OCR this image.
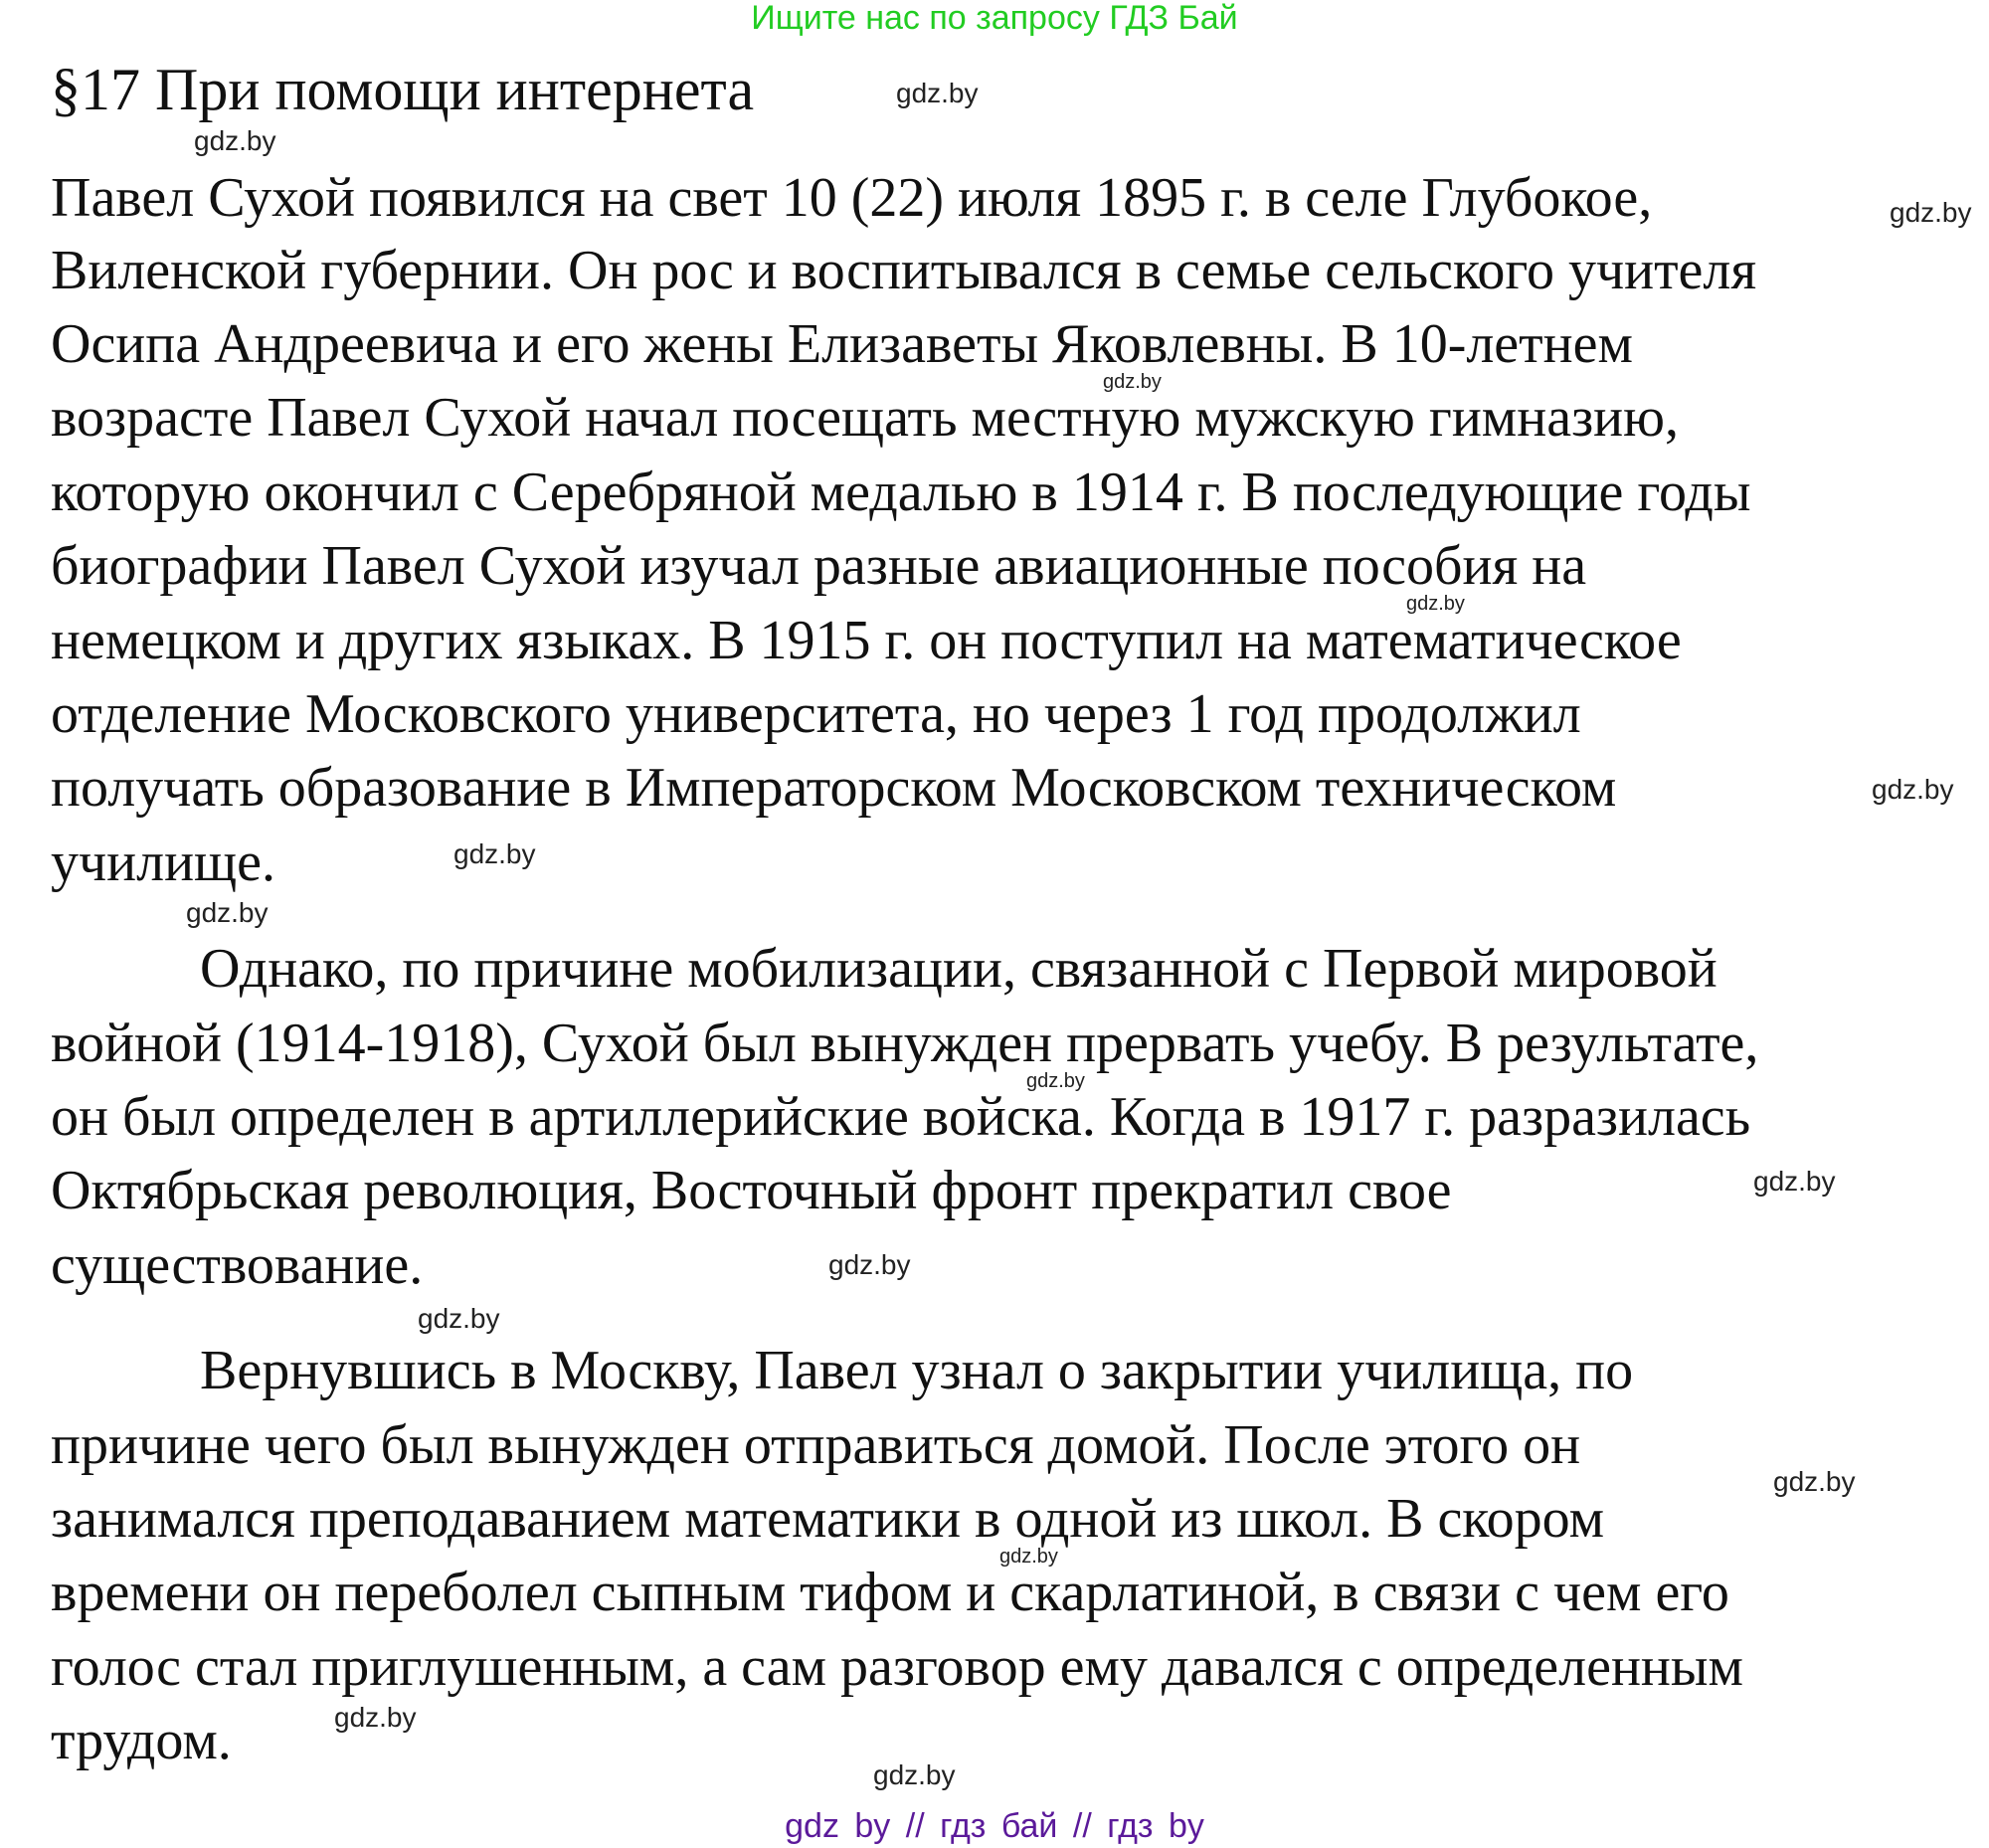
Ищите нас по запросу ГДЗ Бай
§17 При помощи интернета
Павел Сухой появился на свет 10 (22) июля 1895 г. в селе Глубокое,
Виленской губернии. Он рос и воспитывался в семье сельского учителя
Осипа Андреевича и его жены Елизаветы Яковлевны. В 10-летнем
возрасте Павел Сухой начал посещать местную мужскую гимназию,
которую окончил с Серебряной медалью в 1914 г. В последующие годы
биографии Павел Сухой изучал разные авиационные пособия на
немецком и других языках. В 1915 г. он поступил на математическое
отделение Московского университета, но через 1 год продолжил
получать образование в Императорском Московском техническом
училище.
Однако, по причине мобилизации, связанной с Первой мировой
войной (1914-1918), Сухой был вынужден прервать учебу. В результате,
он был определен в артиллерийские войска. Когда в 1917 г. разразилась
Октябрьская революция, Восточный фронт прекратил свое
существование.
Вернувшись в Москву, Павел узнал о закрытии училища, по
причине чего был вынужден отправиться домой. После этого он
занимался преподаванием математики в одной из школ. В скором
времени он переболел сыпным тифом и скарлатиной, в связи с чем его
голос стал приглушенным, а сам разговор ему давался с определенным
трудом.
gdz.by
gdz.by
gdz.by
gdz.by
gdz.by
gdz.by
gdz.by
gdz.by
gdz.by
gdz.by
gdz.by
gdz.by
gdz.by
gdz.by
gdz.by
gdz.by
gdz by // гдз бай // гдз by
